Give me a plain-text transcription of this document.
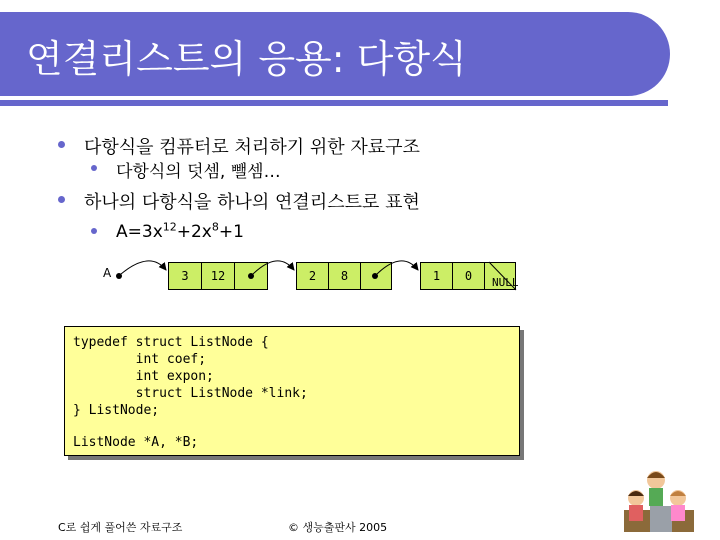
연결리스트의 응용: 다항식
다항식을 컴퓨터로 처리하기 위한 자료구조
다항식의 덧셈, 뺄셈…
하나의 다항식을 하나의 연결리스트로 표현
$A=3x^{12}+2x^8+1$
A	3	12	2	8	1	0	NULL
typedef struct ListNode {
int coef;
int expon;
struct ListNode *link;
} ListNode;
ListNode *A, *B;
C로 쉽게 풀어쓴 자료구조	© 생능출판사 2005
